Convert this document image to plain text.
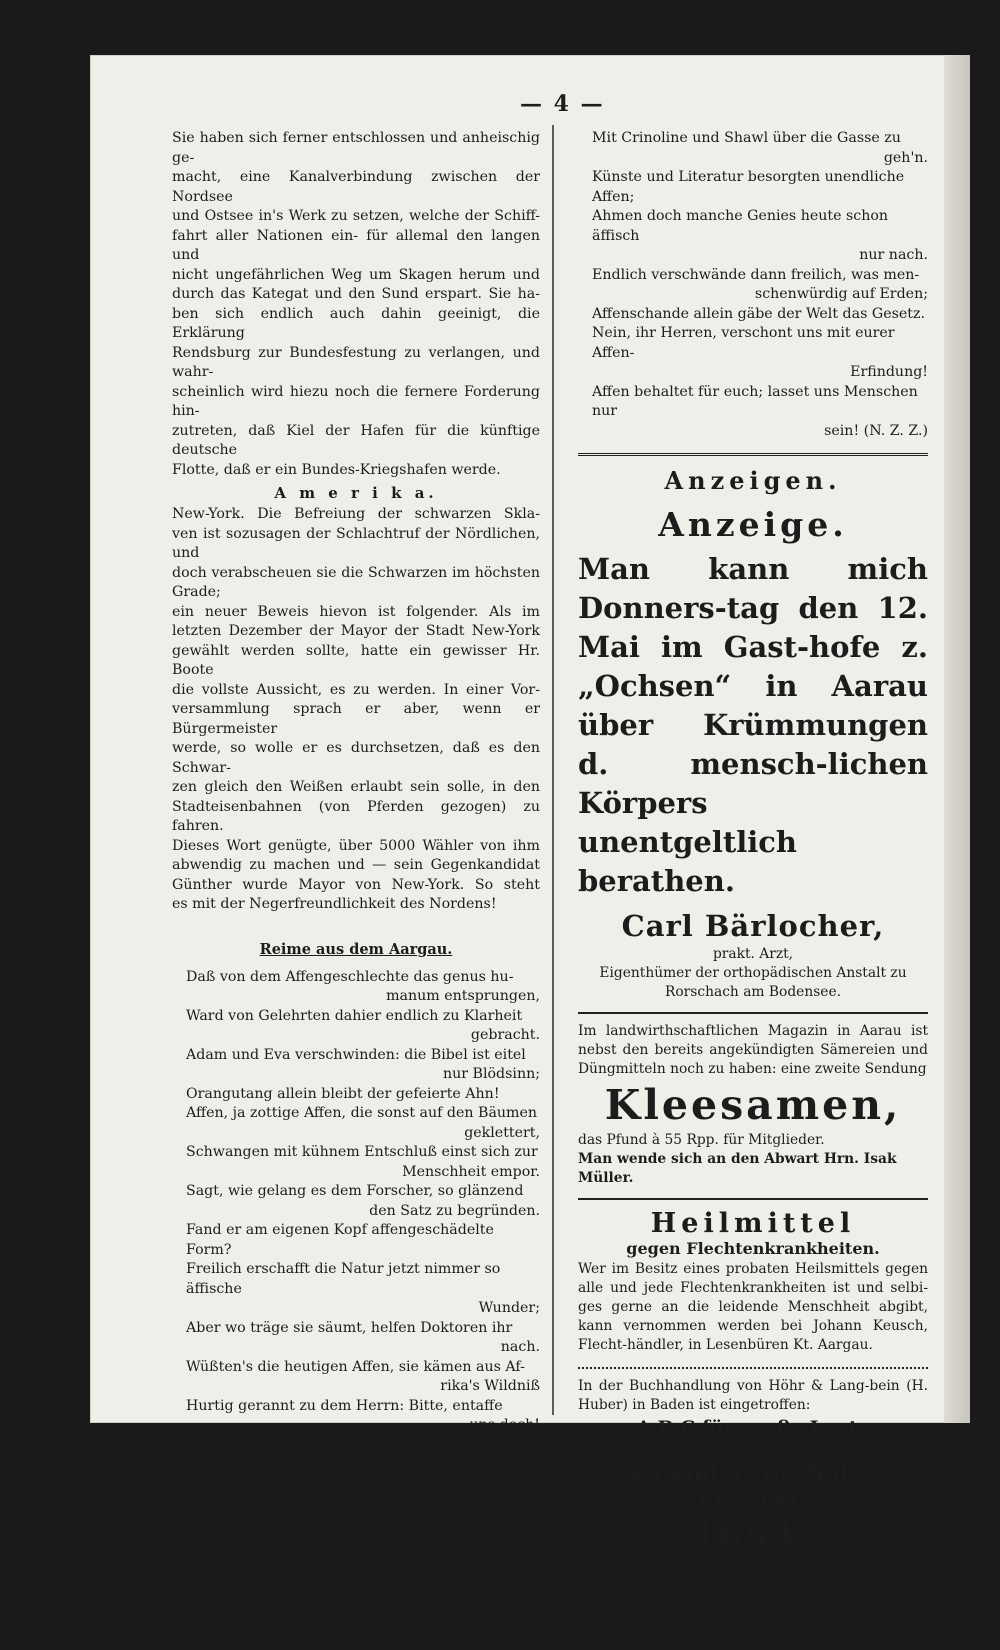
— 4 —
Sie haben sich ferner entschlossen und anheischig ge-
macht, eine Kanalverbindung zwischen der Nordsee
und Ostsee in's Werk zu setzen, welche der Schiff-
fahrt aller Nationen ein- für allemal den langen und
nicht ungefährlichen Weg um Skagen herum und
durch das Kategat und den Sund erspart. Sie ha-
ben sich endlich auch dahin geeinigt, die Erklärung
Rendsburg zur Bundesfestung zu verlangen, und wahr-
scheinlich wird hiezu noch die fernere Forderung hin-
zutreten, daß Kiel der Hafen für die künftige deutsche
Flotte, daß er ein Bundes-Kriegshafen werde.
A m e r i k a.
New-York. Die Befreiung der schwarzen Skla-
ven ist sozusagen der Schlachtruf der Nördlichen, und
doch verabscheuen sie die Schwarzen im höchsten Grade;
ein neuer Beweis hievon ist folgender. Als im
letzten Dezember der Mayor der Stadt New-York
gewählt werden sollte, hatte ein gewisser Hr. Boote
die vollste Aussicht, es zu werden. In einer Vor-
versammlung sprach er aber, wenn er Bürgermeister
werde, so wolle er es durchsetzen, daß es den Schwar-
zen gleich den Weißen erlaubt sein solle, in den
Stadteisenbahnen (von Pferden gezogen) zu fahren.
Dieses Wort genügte, über 5000 Wähler von ihm
abwendig zu machen und — sein Gegenkandidat
Günther wurde Mayor von New-York. So steht
es mit der Negerfreundlichkeit des Nordens!
Reime aus dem Aargau.
Daß von dem Affengeschlechte das genus hu-
manum entsprungen,
Ward von Gelehrten dahier endlich zu Klarheit
gebracht.
Adam und Eva verschwinden: die Bibel ist eitel
nur Blödsinn;
Orangutang allein bleibt der gefeierte Ahn!
Affen, ja zottige Affen, die sonst auf den Bäumen
geklettert,
Schwangen mit kühnem Entschluß einst sich zur
Menschheit empor.
Sagt, wie gelang es dem Forscher, so glänzend
den Satz zu begründen.
Fand er am eigenen Kopf affengeschädelte Form?
Freilich erschafft die Natur jetzt nimmer so äffische
Wunder;
Aber wo träge sie säumt, helfen Doktoren ihr
nach.
Wüßten's die heutigen Affen, sie kämen aus Af-
rika's Wildniß
Hurtig gerannt zu dem Herrn: Bitte, entaffe
uns doch!
Pavian und Wauwau's, der Meerkatz' schwän-
zige Rudel,
Sämmtliche strömten herbei; sind sie doch Vettern
von ihm.
Hei wie dampfte da bald aus Schnauziger Gosch'
die Cigarre,
Wenn auf das Sopha gestreckt Mandril sein Do-
mino spielt.
Auch die Aeffin, die holde, sie ließe sich's ferner
nicht nehmen,
Mit Crinoline und Shawl über die Gasse zu
geh'n.
Künste und Literatur besorgten unendliche Affen;
Ahmen doch manche Genies heute schon äffisch
nur nach.
Endlich verschwände dann freilich, was men-
schenwürdig auf Erden;
Affenschande allein gäbe der Welt das Gesetz.
Nein, ihr Herren, verschont uns mit eurer Affen-
Erfindung!
Affen behaltet für euch; lasset uns Menschen nur
sein! (N. Z. Z.)
Anzeigen.
Anzeige.
Man kann mich Donners-tag den 12. Mai im Gast-hofe z. „Ochsen“ in Aarau über Krümmungen d. mensch-lichen Körpers unentgeltlich berathen.
Carl Bärlocher,
prakt. Arzt,
Eigenthümer der orthopädischen Anstalt zu
Rorschach am Bodensee.
Im landwirthschaftlichen Magazin in Aarau ist nebst den bereits angekündigten Sämereien und Düngmitteln noch zu haben: eine zweite Sendung
Kleesamen,
das Pfund à 55 Rpp. für Mitglieder.
Man wende sich an den Abwart Hrn. Isak Müller.
Heilmittel
gegen Flechtenkrankheiten.
Wer im Besitz eines probaten Heilsmittels gegen alle und jede Flechtenkrankheiten ist und selbi-ges gerne an die leidende Menschheit abgibt, kann vernommen werden bei Johann Keusch, Flecht-händler, in Lesenbüren Kt. Aargau.
In der Buchhandlung von Höhr & Lang-bein (H. Huber) in Baden ist eingetroffen:
A B C für große Leute
oder
Kalender für Zeit & Ewigkeit
1864.
Von Alban Stolz.
3. Auflage mit groben Bildern.
Preis — 45 Ct.
oder franko zugesandt — 50 Ct.
